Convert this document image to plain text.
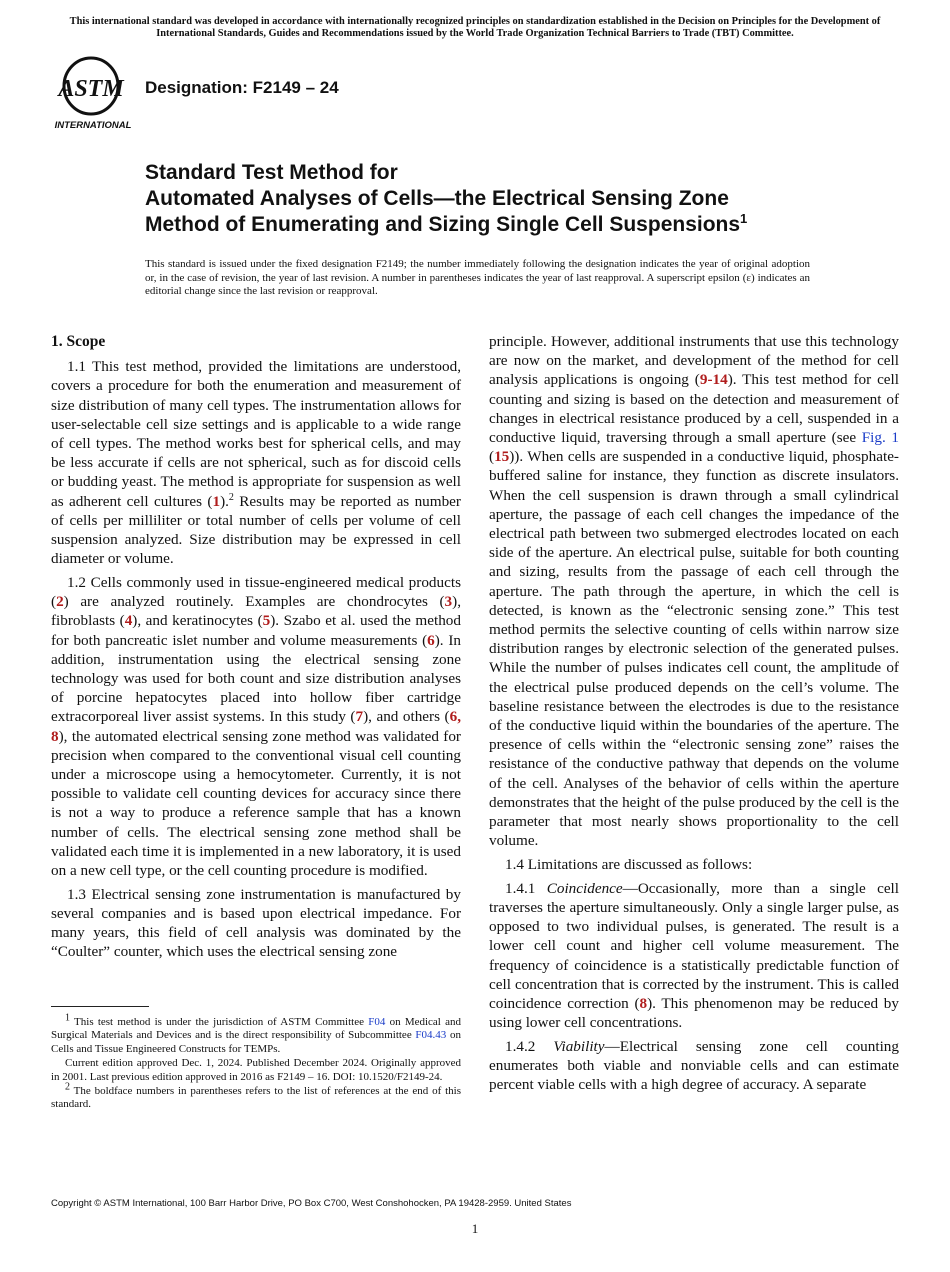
This international standard was developed in accordance with internationally recognized principles on standardization established in the Decision on Principles for the Development of International Standards, Guides and Recommendations issued by the World Trade Organization Technical Barriers to Trade (TBT) Committee.
ASTM
INTERNATIONAL
Designation: F2149 – 24
Standard Test Method for
Automated Analyses of Cells—the Electrical Sensing Zone
Method of Enumerating and Sizing Single Cell Suspensions$^1$
This standard is issued under the fixed designation F2149; the number immediately following the designation indicates the year of original adoption or, in the case of revision, the year of last revision. A number in parentheses indicates the year of last reapproval. A superscript epsilon (ε) indicates an editorial change since the last revision or reapproval.
1. Scope

1.1 This test method, provided the limitations are understood, covers a procedure for both the enumeration and measurement of size distribution of many cell types. The instrumentation allows for user-selectable cell size settings and is applicable to a wide range of cell types. The method works best for spherical cells, and may be less accurate if cells are not spherical, such as for discoid cells or budding yeast. The method is appropriate for suspension as well as adherent cell cultures (1).$^2$ Results may be reported as number of cells per milliliter or total number of cells per volume of cell suspension analyzed. Size distribution may be expressed in cell diameter or volume.

1.2 Cells commonly used in tissue-engineered medical products (2) are analyzed routinely. Examples are chondrocytes (3), fibroblasts (4), and keratinocytes (5). Szabo et al. used the method for both pancreatic islet number and volume measurements (6). In addition, instrumentation using the electrical sensing zone technology was used for both count and size distribution analyses of porcine hepatocytes placed into hollow fiber cartridge extracorporeal liver assist systems. In this study (7), and others (6, 8), the automated electrical sensing zone method was validated for precision when compared to the conventional visual cell counting under a microscope using a hemocytometer. Currently, it is not possible to validate cell counting devices for accuracy since there is not a way to produce a reference sample that has a known number of cells. The electrical sensing zone method shall be validated each time it is implemented in a new laboratory, it is used on a new cell type, or the cell counting procedure is modified.

1.3 Electrical sensing zone instrumentation is manufactured by several companies and is based upon electrical impedance. For many years, this field of cell analysis was dominated by the “Coulter” counter, which uses the electrical sensing zone

principle. However, additional instruments that use this technology are now on the market, and development of the method for cell analysis applications is ongoing (9-14). This test method for cell counting and sizing is based on the detection and measurement of changes in electrical resistance produced by a cell, suspended in a conductive liquid, traversing through a small aperture (see Fig. 1 (15)). When cells are suspended in a conductive liquid, phosphate-buffered saline for instance, they function as discrete insulators. When the cell suspension is drawn through a small cylindrical aperture, the passage of each cell changes the impedance of the electrical path between two submerged electrodes located on each side of the aperture. An electrical pulse, suitable for both counting and sizing, results from the passage of each cell through the aperture. The path through the aperture, in which the cell is detected, is known as the “electronic sensing zone.” This test method permits the selective counting of cells within narrow size distribution ranges by electronic selection of the generated pulses. While the number of pulses indicates cell count, the amplitude of the electrical pulse produced depends on the cell’s volume. The baseline resistance between the electrodes is due to the resistance of the conductive liquid within the boundaries of the aperture. The presence of cells within the “electronic sensing zone” raises the resistance of the conductive pathway that depends on the volume of the cell. Analyses of the behavior of cells within the aperture demonstrates that the height of the pulse produced by the cell is the parameter that most nearly shows proportionality to the cell volume.

1.4 Limitations are discussed as follows:

1.4.1 Coincidence—Occasionally, more than a single cell traverses the aperture simultaneously. Only a single larger pulse, as opposed to two individual pulses, is generated. The result is a lower cell count and higher cell volume measurement. The frequency of coincidence is a statistically predictable function of cell concentration that is corrected by the instrument. This is called coincidence correction (8). This phenomenon may be reduced by using lower cell concentrations.

1.4.2 Viability—Electrical sensing zone cell counting enumerates both viable and nonviable cells and can estimate percent viable cells with a high degree of accuracy. A separate

$^1$ This test method is under the jurisdiction of ASTM Committee F04 on Medical and Surgical Materials and Devices and is the direct responsibility of Subcommittee F04.43 on Cells and Tissue Engineered Constructs for TEMPs.

Current edition approved Dec. 1, 2024. Published December 2024. Originally approved in 2001. Last previous edition approved in 2016 as F2149 – 16. DOI: 10.1520/F2149-24.

$^2$ The boldface numbers in parentheses refers to the list of references at the end of this standard.

Copyright © ASTM International, 100 Barr Harbor Drive, PO Box C700, West Conshohocken, PA 19428-2959. United States
1
